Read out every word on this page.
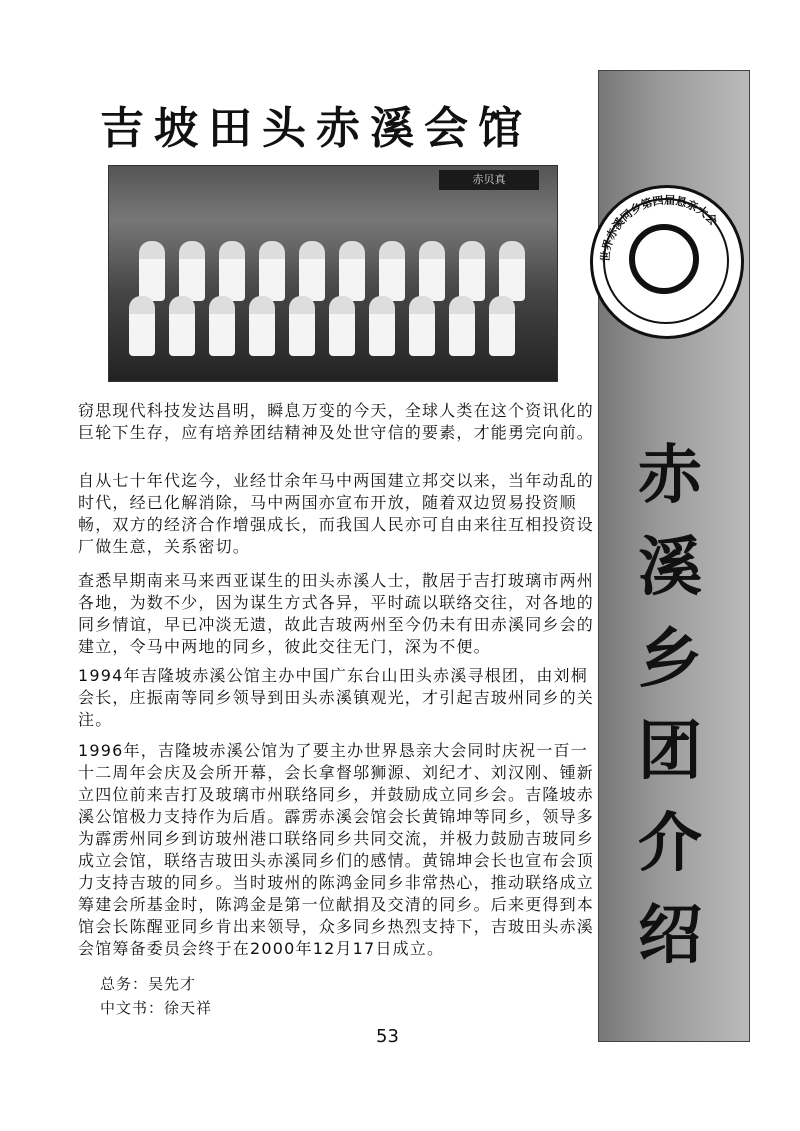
吉坡田头赤溪会馆
赤贝真
世界赤溪同乡第四届恳亲大会
赤
溪
乡
团
介
绍
窃思现代科技发达昌明，瞬息万变的今天，全球人类在这个资讯化的巨轮下生存，应有培养团结精神及处世守信的要素，才能勇完向前。
自从七十年代迄今，业经廿余年马中两国建立邦交以来，当年动乱的时代，经已化解消除，马中两国亦宣布开放，随着双边贸易投资顺畅，双方的经济合作增强成长，而我国人民亦可自由来往互相投资设厂做生意，关系密切。
查悉早期南来马来西亚谋生的田头赤溪人士，散居于吉打玻璃市两州各地，为数不少，因为谋生方式各异，平时疏以联络交往，对各地的同乡情谊，早已冲淡无遗，故此吉玻两州至今仍未有田赤溪同乡会的建立，令马中两地的同乡，彼此交往无门，深为不便。
1994年吉隆坡赤溪公馆主办中国广东台山田头赤溪寻根团，由刘桐会长，庄振南等同乡领导到田头赤溪镇观光，才引起吉玻州同乡的关注。
1996年，吉隆坡赤溪公馆为了要主办世界恳亲大会同时庆祝一百一十二周年会庆及会所开幕，会长拿督邬狮源、刘纪才、刘汉刚、锺新立四位前来吉打及玻璃市州联络同乡，并鼓励成立同乡会。吉隆坡赤溪公馆极力支持作为后盾。霹雳赤溪会馆会长黄锦坤等同乡，领导多为霹雳州同乡到访玻州港口联络同乡共同交流，并极力鼓励吉玻同乡成立会馆，联络吉玻田头赤溪同乡们的感情。黄锦坤会长也宣布会顶力支持吉玻的同乡。当时玻州的陈鸿金同乡非常热心，推动联络成立筹建会所基金时，陈鸿金是第一位献捐及交清的同乡。后来更得到本馆会长陈醒亚同乡肯出来领导，众多同乡热烈支持下，吉玻田头赤溪会馆筹备委员会终于在2000年12月17日成立。
总务：吴先才
中文书：徐天祥
53
